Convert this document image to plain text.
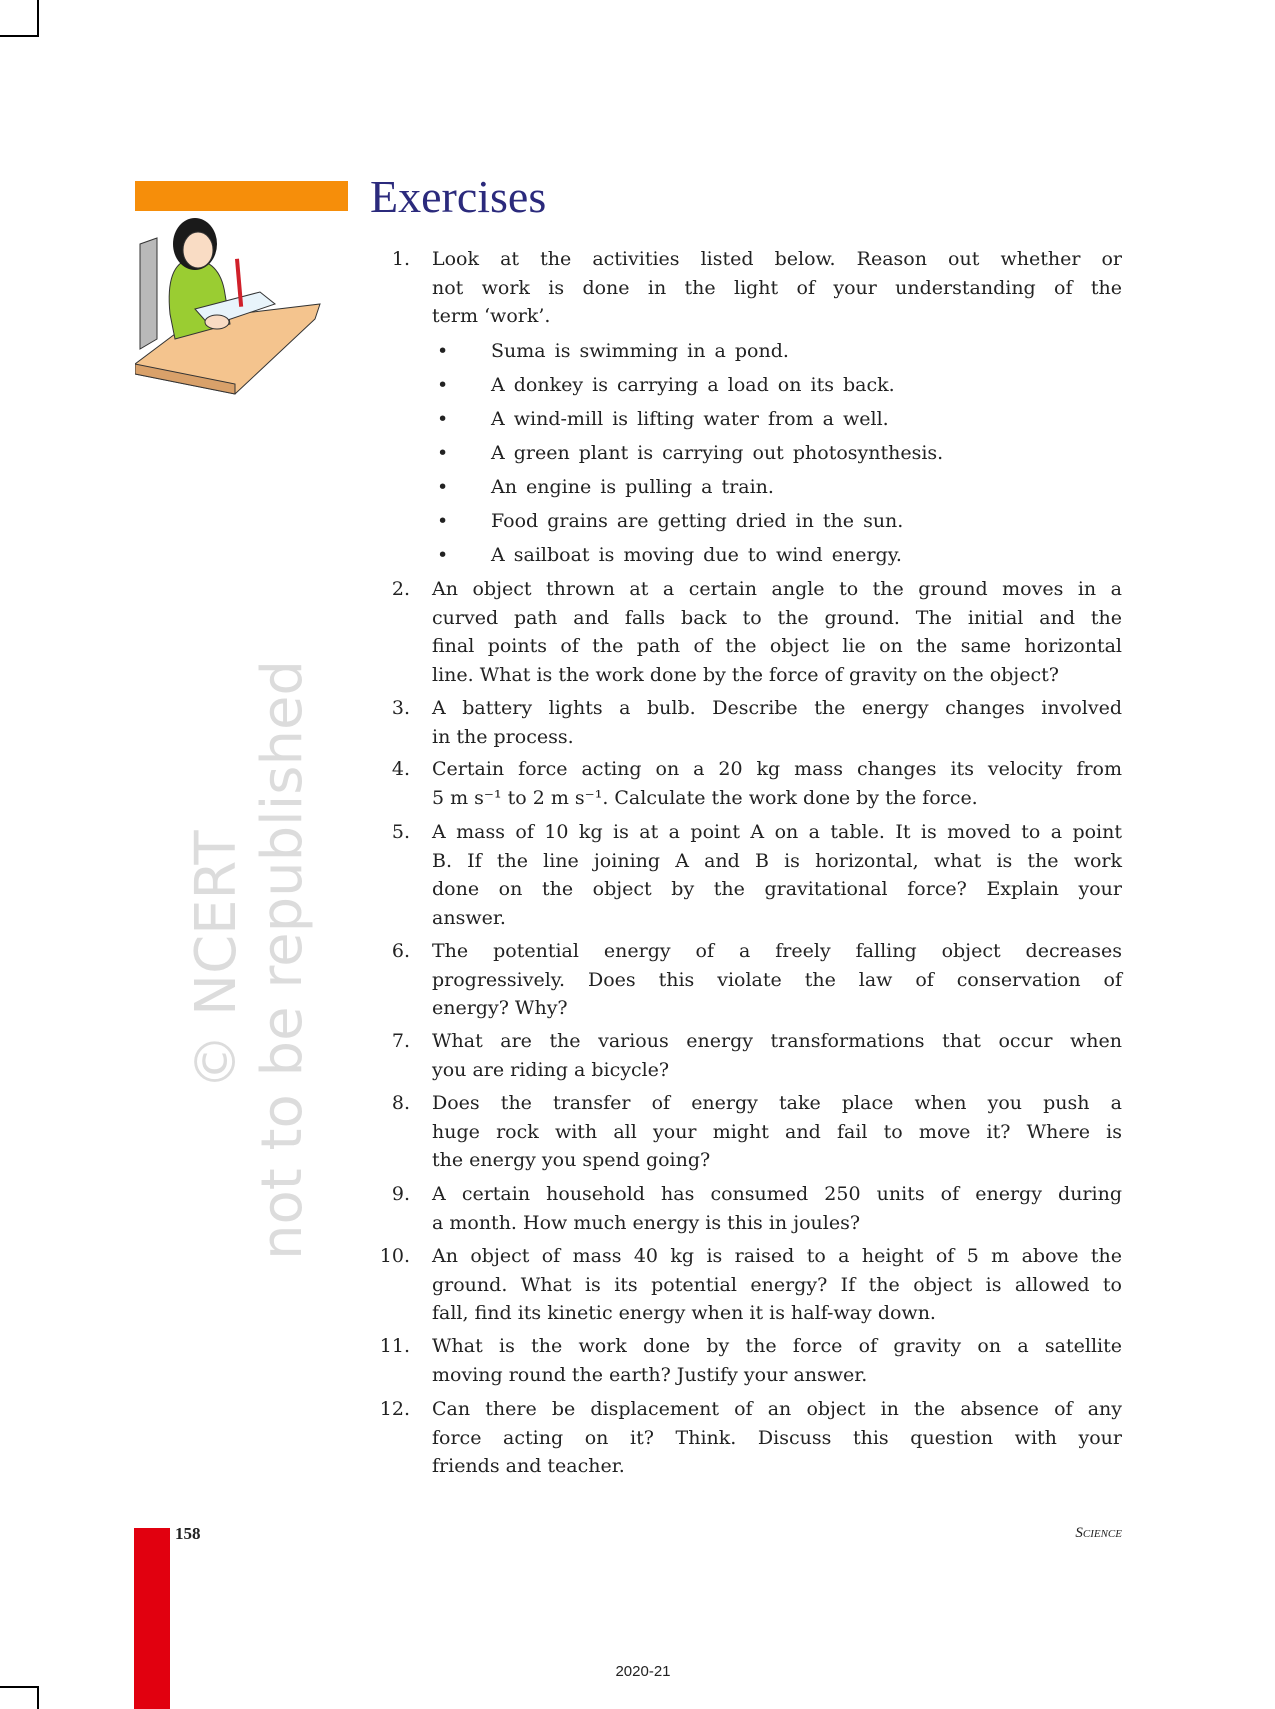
© NCERT not to be republished
Exercises
1. Look at the activities listed below. Reason out whether or
not work is done in the light of your understanding of the
term ‘work’.
• Suma is swimming in a pond.
• A donkey is carrying a load on its back.
• A wind-mill is lifting water from a well.
• A green plant is carrying out photosynthesis.
• An engine is pulling a train.
• Food grains are getting dried in the sun.
• A sailboat is moving due to wind energy.
2. An object thrown at a certain angle to the ground moves in a
curved path and falls back to the ground. The initial and the
final points of the path of the object lie on the same horizontal
line. What is the work done by the force of gravity on the object?
3. A battery lights a bulb. Describe the energy changes involved
in the process.
4. Certain force acting on a 20 kg mass changes its velocity from
5 m s⁻¹ to 2 m s⁻¹. Calculate the work done by the force.
5. A mass of 10 kg is at a point A on a table. It is moved to a point
B. If the line joining A and B is horizontal, what is the work
done on the object by the gravitational force? Explain your
answer.
6. The potential energy of a freely falling object decreases
progressively. Does this violate the law of conservation of
energy? Why?
7. What are the various energy transformations that occur when
you are riding a bicycle?
8. Does the transfer of energy take place when you push a
huge rock with all your might and fail to move it? Where is
the energy you spend going?
9. A certain household has consumed 250 units of energy during
a month. How much energy is this in joules?
10. An object of mass 40 kg is raised to a height of 5 m above the
ground. What is its potential energy? If the object is allowed to
fall, find its kinetic energy when it is half-way down.
11. What is the work done by the force of gravity on a satellite
moving round the earth? Justify your answer.
12. Can there be displacement of an object in the absence of any
force acting on it? Think. Discuss this question with your
friends and teacher.
158	Science
2020-21
